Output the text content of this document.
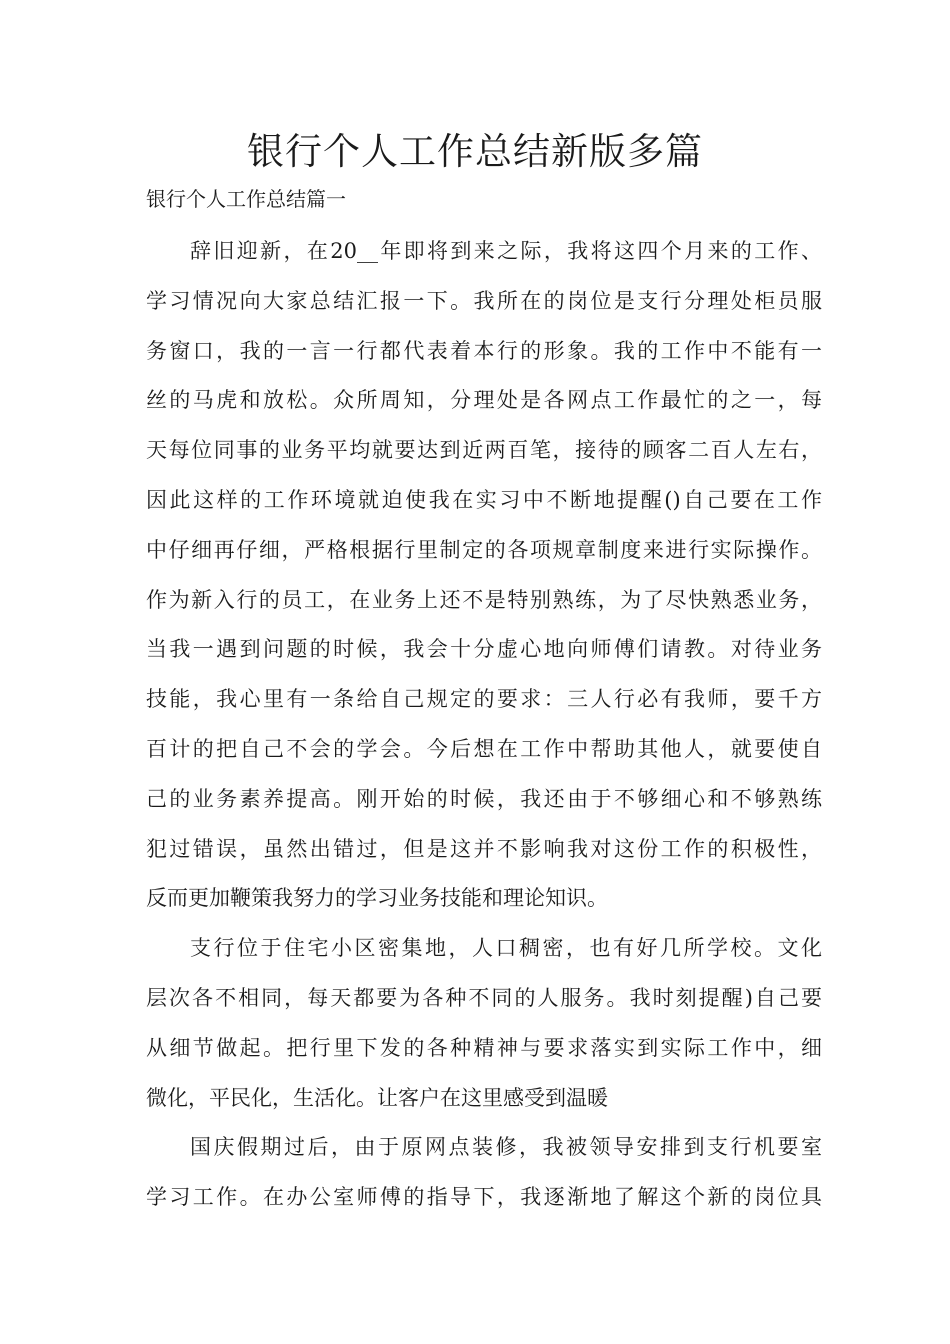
银行个人工作总结新版多篇
银行个人工作总结篇一
辞旧迎新，在20__年即将到来之际，我将这四个月来的工作、
学习情况向大家总结汇报一下。我所在的岗位是支行分理处柜员服
务窗口，我的一言一行都代表着本行的形象。我的工作中不能有一
丝的马虎和放松。众所周知，分理处是各网点工作最忙的之一，每
天每位同事的业务平均就要达到近两百笔，接待的顾客二百人左右，
因此这样的工作环境就迫使我在实习中不断地提醒()自己要在工作
中仔细再仔细，严格根据行里制定的各项规章制度来进行实际操作。
作为新入行的员工，在业务上还不是特别熟练，为了尽快熟悉业务，
当我一遇到问题的时候，我会十分虚心地向师傅们请教。对待业务
技能，我心里有一条给自己规定的要求：三人行必有我师，要千方
百计的把自己不会的学会。今后想在工作中帮助其他人，就要使自
己的业务素养提高。刚开始的时候，我还由于不够细心和不够熟练
犯过错误，虽然出错过，但是这并不影响我对这份工作的积极性，
反而更加鞭策我努力的学习业务技能和理论知识。
支行位于住宅小区密集地，人口稠密，也有好几所学校。文化
层次各不相同，每天都要为各种不同的人服务。我时刻提醒)自己要
从细节做起。把行里下发的各种精神与要求落实到实际工作中，细
微化，平民化，生活化。让客户在这里感受到温暖
国庆假期过后，由于原网点装修，我被领导安排到支行机要室
学习工作。在办公室师傅的指导下，我逐渐地了解这个新的岗位具
